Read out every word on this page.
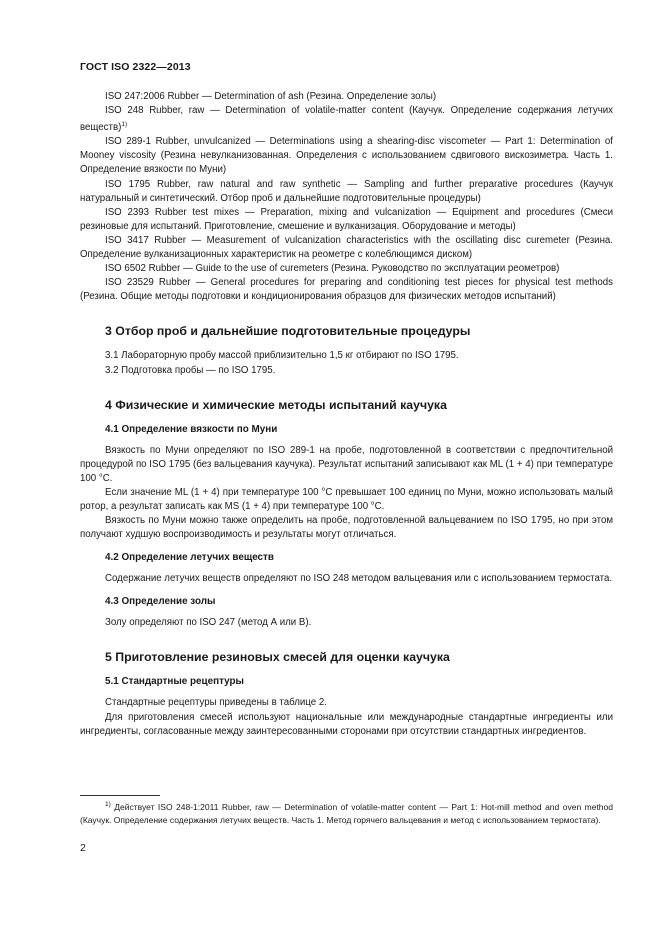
ГОСТ ISO 2322—2013

ISO 247:2006 Rubber — Determination of ash (Резина. Определение золы)

ISO 248 Rubber, raw — Determination of volatile-matter content (Каучук. Определение содержания летучих веществ)$^{1)}$

ISO 289-1 Rubber, unvulcanized — Determinations using a shearing-disc viscometer — Part 1: Determination of Mooney viscosity (Резина невулканизованная. Определения с использованием сдвигового вискозиметра. Часть 1. Определение вязкости по Муни)

ISO 1795 Rubber, raw natural and raw synthetic — Sampling and further preparative procedures (Каучук натуральный и синтетический. Отбор проб и дальнейшие подготовительные процедуры)

ISO 2393 Rubber test mixes — Preparation, mixing and vulcanization — Equipment and procedures (Смеси резиновые для испытаний. Приготовление, смешение и вулканизация. Оборудование и методы)

ISO 3417 Rubber — Measurement of vulcanization characteristics with the oscillating disc curemeter (Резина. Определение вулканизационных характеристик на реометре с колеблющимся диском)

ISO 6502 Rubber — Guide to the use of curemeters (Резина. Руководство по эксплуатации реометров)

ISO 23529 Rubber — General procedures for preparing and conditioning test pieces for physical test methods (Резина. Общие методы подготовки и кондиционирования образцов для физических методов испытаний)

3 Отбор проб и дальнейшие подготовительные процедуры

3.1 Лабораторную пробу массой приблизительно 1,5 кг отбирают по ISO 1795.

3.2 Подготовка пробы — по ISO 1795.

4 Физические и химические методы испытаний каучука
4.1 Определение вязкости по Муни

Вязкость по Муни определяют по ISO 289-1 на пробе, подготовленной в соответствии с предпочтительной процедурой по ISO 1795 (без вальцевания каучука). Результат испытаний записывают как ML (1 + 4) при температуре 100 °С.

Если значение ML (1 + 4) при температуре 100 °С превышает 100 единиц по Муни, можно использовать малый ротор, а результат записать как MS (1 + 4) при температуре 100 °С.

Вязкость по Муни можно также определить на пробе, подготовленной вальцеванием по ISO 1795, но при этом получают худшую воспроизводимость и результаты могут отличаться.

4.2 Определение летучих веществ

Содержание летучих веществ определяют по ISO 248 методом вальцевания или с использованием термостата.

4.3 Определение золы

Золу определяют по ISO 247 (метод А или В).

5 Приготовление резиновых смесей для оценки каучука
5.1 Стандартные рецептуры

Стандартные рецептуры приведены в таблице 2.

Для приготовления смесей используют национальные или международные стандартные ингредиенты или ингредиенты, согласованные между заинтересованными сторонами при отсутствии стандартных ингредиентов.

1) Действует ISO 248-1:2011 Rubber, raw — Determination of volatile-matter content — Part 1: Hot-mill method and oven method (Каучук. Определение содержания летучих веществ. Часть 1. Метод горячего вальцевания и метод с использованием термостата).
2
